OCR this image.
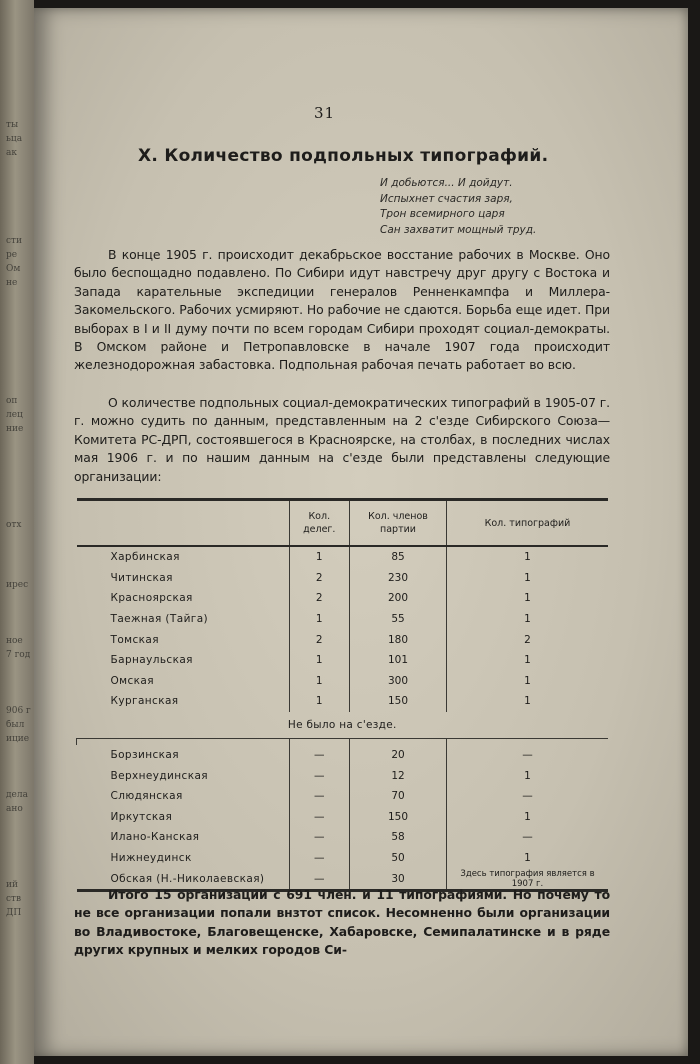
ты
ьца
ак
сти
ре
Ом
не
оп
лец
ние
отх
ирес
ное
7 год
906 г
был
ицие
дела
ано
ий
ств
ДП
31
X. Количество подпольных типографий.
И добьются... И дойдут.
Испыхнет счастия заря,
Трон всемирного царя
Сан захватит мощный труд.

В конце 1905 г. происходит декабрьское восстание рабочих в Москве. Оно было беспощадно подавлено. По Сибири идут навстречу друг другу с Востока и Запада карательные экспедиции генералов Ренненкампфа и Миллера-Закомельского. Рабочих усмиряют. Но рабочие не сдаются. Борьба еще идет. При выборах в I и II думу почти по всем городам Сибири проходят социал-демократы. В Омском районе и Петропавловске в начале 1907 года происходит железнодорожная забастовка. Подпольная рабочая печать работает во всю.

О количестве подпольных социал-демократических типографий в 1905-07 г. г. можно судить по данным, представленным на 2 с'езде Сибирского Союза—Комитета РС-ДРП, состоявшегося в Красноярске, на столбах, в последних числах мая 1906 г. и по нашим данным на с'езде были представлены следующие организации:

	Кол. делег.	Кол. членов партии	Кол. типографий
Харбинская	1	85	1
Читинская	2	230	1
Красноярская	2	200	1
Таежная (Тайга)	1	55	1
Томская	2	180	2
Барнаульская	1	101	1
Омская	1	300	1
Курганская	1	150	1
Не было на с'езде.			

Борзинская	—	20	—
Верхнеудинская	—	12	1
Слюдянская	—	70	—
Иркутская	—	150	1
Илано-Канская	—	58	—
Нижнеудинск	—	50	1
Обская (Н.-Николаевская)	—	30	Здесь типография является в 1907 г.

Итого 15 организаций с 691 член. и 11 типографиями. Но почему то не все организации попали внзтот список. Несомненно были организации во Владивостоке, Благовещенске, Хабаровске, Семипалатинске и в ряде других крупных и мелких городов Си-
